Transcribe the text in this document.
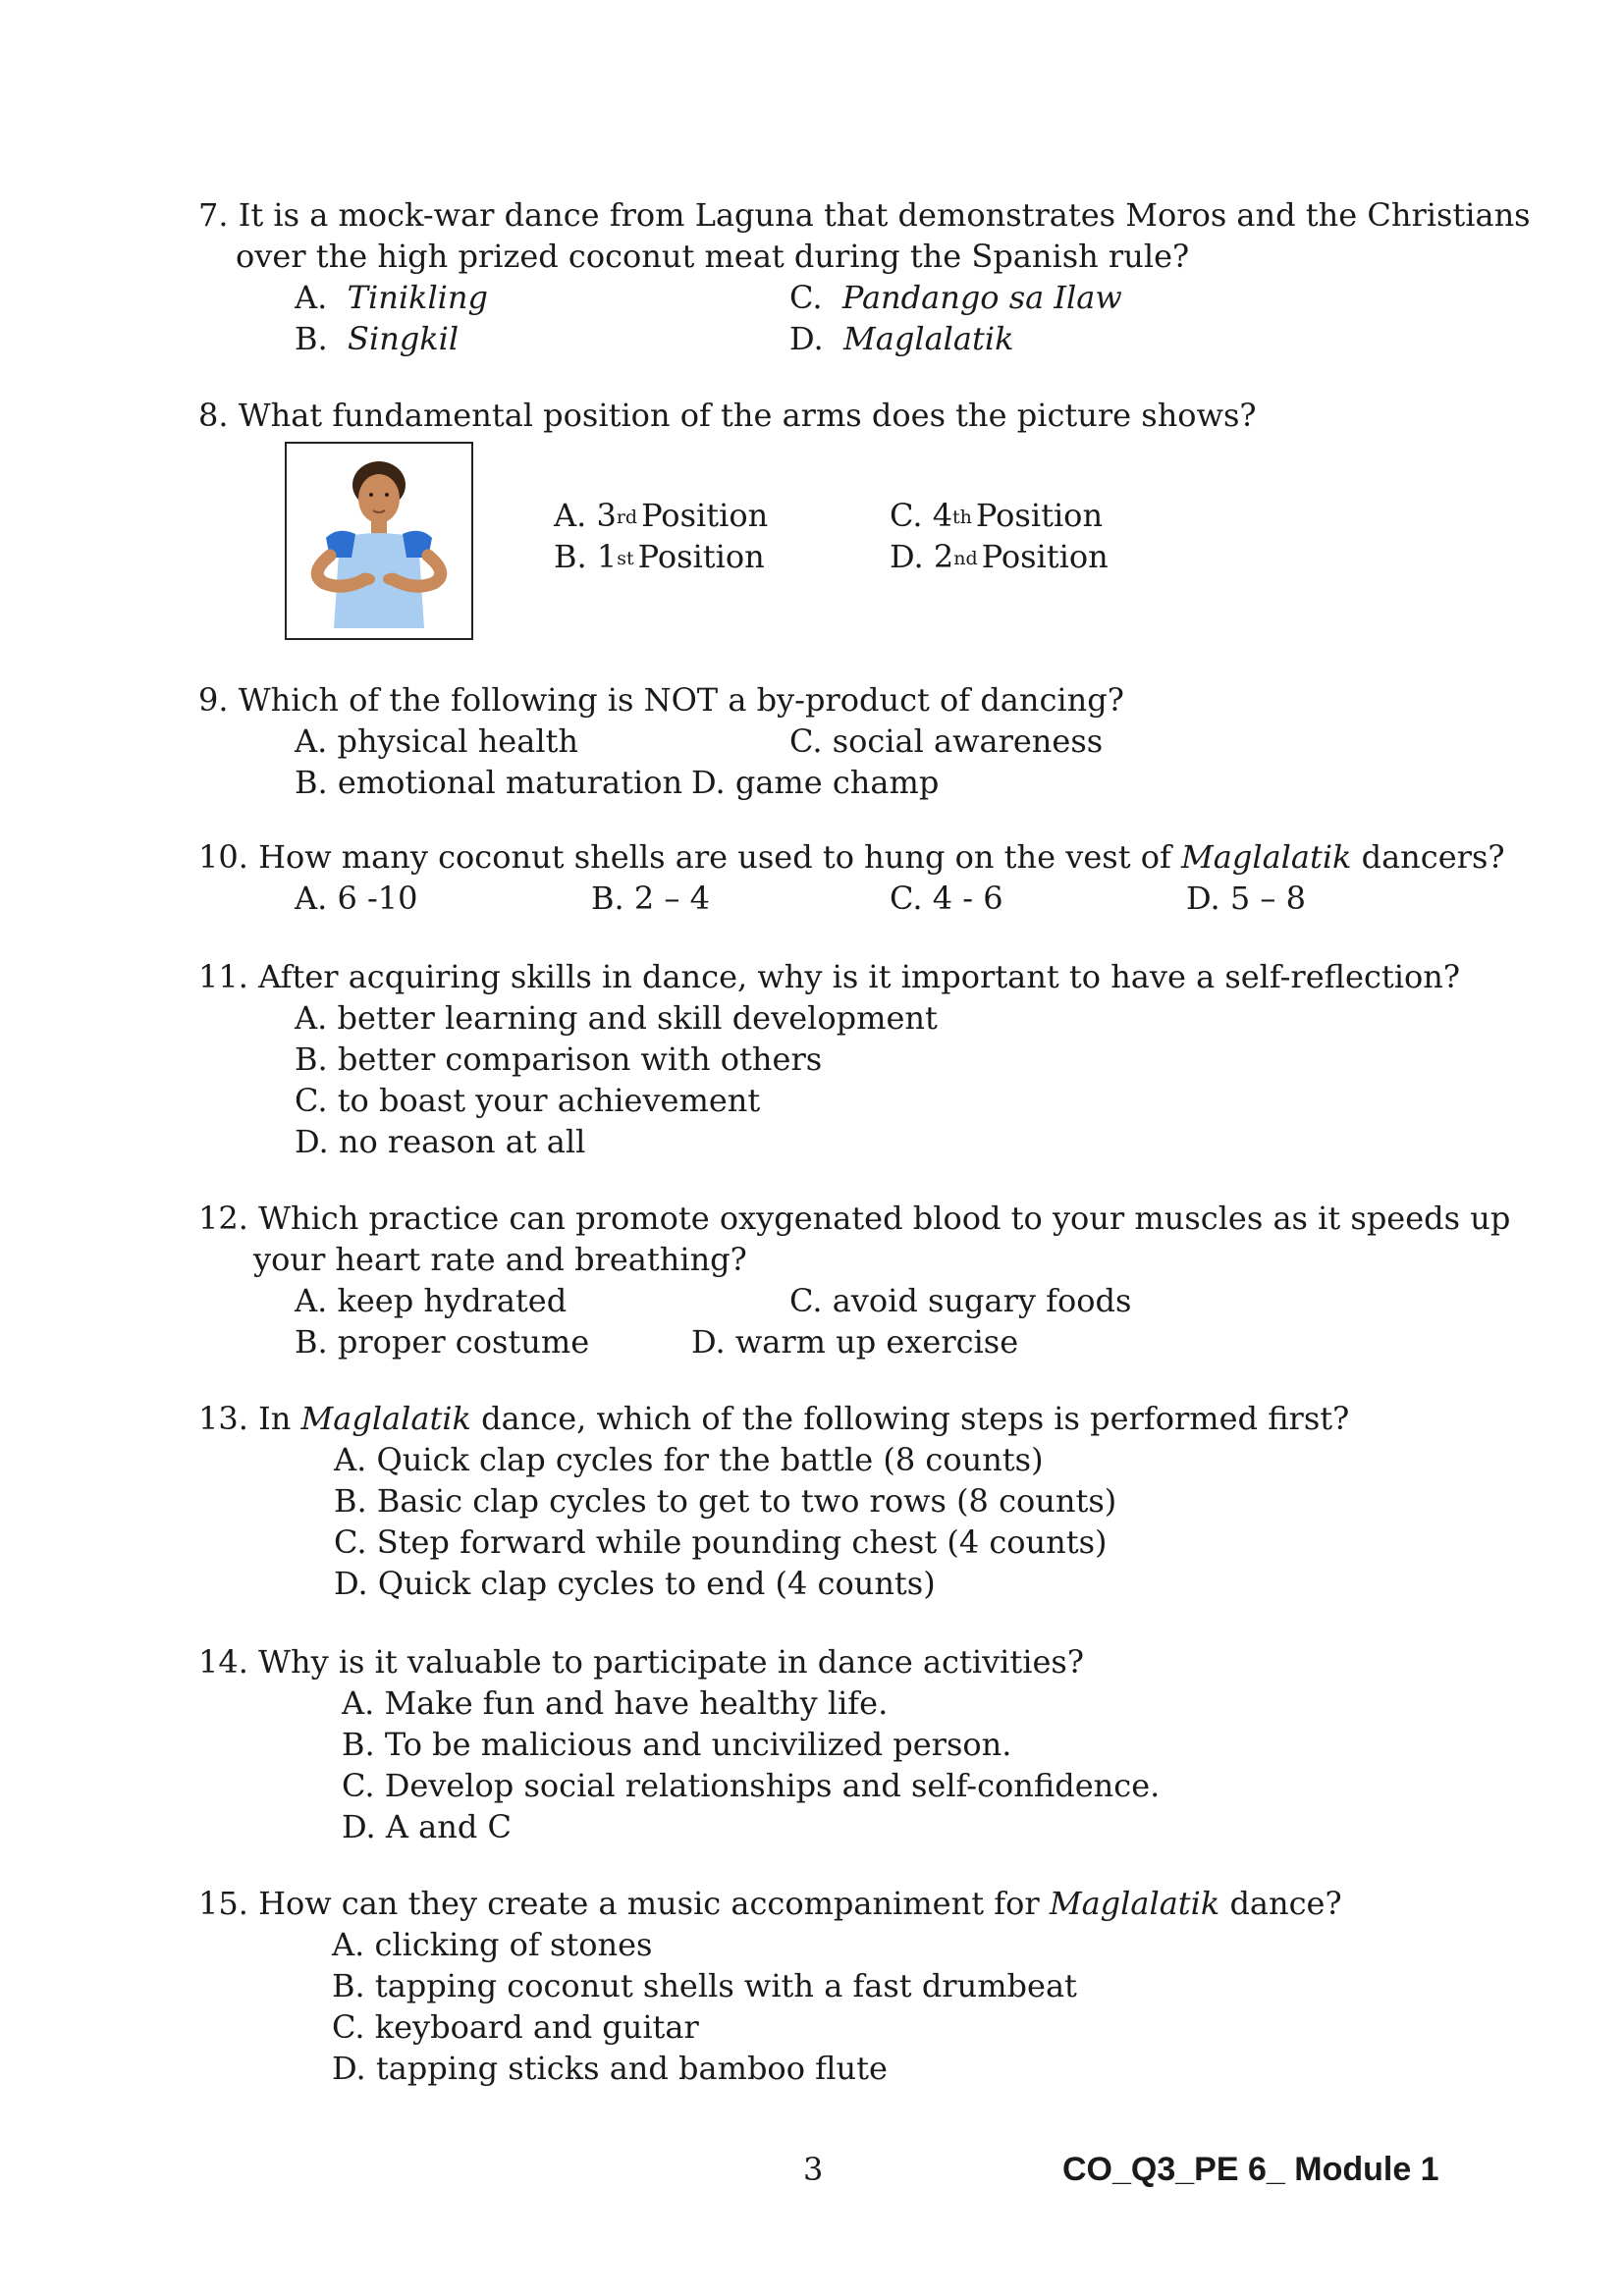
7. It is a mock-war dance from Laguna that demonstrates Moros and the Christians
over the high prized coconut meat during the Spanish rule?
A. Tinikling
B. Singkil
C. Pandango sa Ilaw
D. Maglalatik
8. What fundamental position of the arms does the picture shows?
A. 3rd Position
B. 1st Position
C. 4th Position
D. 2nd Position
9. Which of the following is NOT a by-product of dancing?
A. physical health
B. emotional maturation
C. social awareness
D. game champ
10. How many coconut shells are used to hung on the vest of Maglalatik dancers?
A. 6 -10	B. 2 – 4	C. 4 - 6	D. 5 – 8
11. After acquiring skills in dance, why is it important to have a self-reflection?
A. better learning and skill development
B. better comparison with others
C. to boast your achievement
D. no reason at all
12. Which practice can promote oxygenated blood to your muscles as it speeds up
your heart rate and breathing?
A. keep hydrated
B. proper costume
C. avoid sugary foods
D. warm up exercise
13. In Maglalatik dance, which of the following steps is performed first?
A. Quick clap cycles for the battle (8 counts)
B. Basic clap cycles to get to two rows (8 counts)
C. Step forward while pounding chest (4 counts)
D. Quick clap cycles to end (4 counts)
14. Why is it valuable to participate in dance activities?
A. Make fun and have healthy life.
B. To be malicious and uncivilized person.
C. Develop social relationships and self-confidence.
D. A and C
15. How can they create a music accompaniment for Maglalatik dance?
A. clicking of stones
B. tapping coconut shells with a fast drumbeat
C. keyboard and guitar
D. tapping sticks and bamboo flute
3	CO_Q3_PE 6_ Module 1
